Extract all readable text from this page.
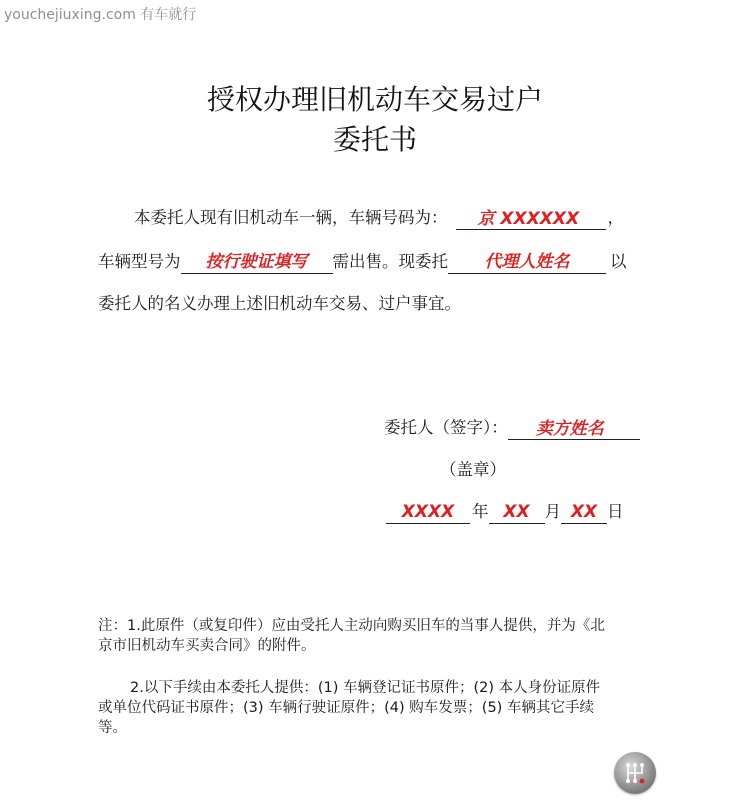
youchejiuxing.com 有车就行
授权办理旧机动车交易过户
委托书
本委托人现有旧机动车一辆，车辆号码为：	京 XXXXXX	，
车辆型号为	按行驶证填写	需出售。现委托	代理人姓名	以
委托人的名义办理上述旧机动车交易、过户事宜。
委托人（签字）：	卖方姓名
（盖章）
XXXX	年 XX 月 XX 日
注：1.此原件（或复印件）应由受托人主动向购买旧车的当事人提供，并为《北
京市旧机动车买卖合同》的附件。
2.以下手续由本委托人提供：(1) 车辆登记证书原件；(2) 本人身份证原件
或单位代码证书原件；(3) 车辆行驶证原件；(4) 购车发票；(5) 车辆其它手续
等。
